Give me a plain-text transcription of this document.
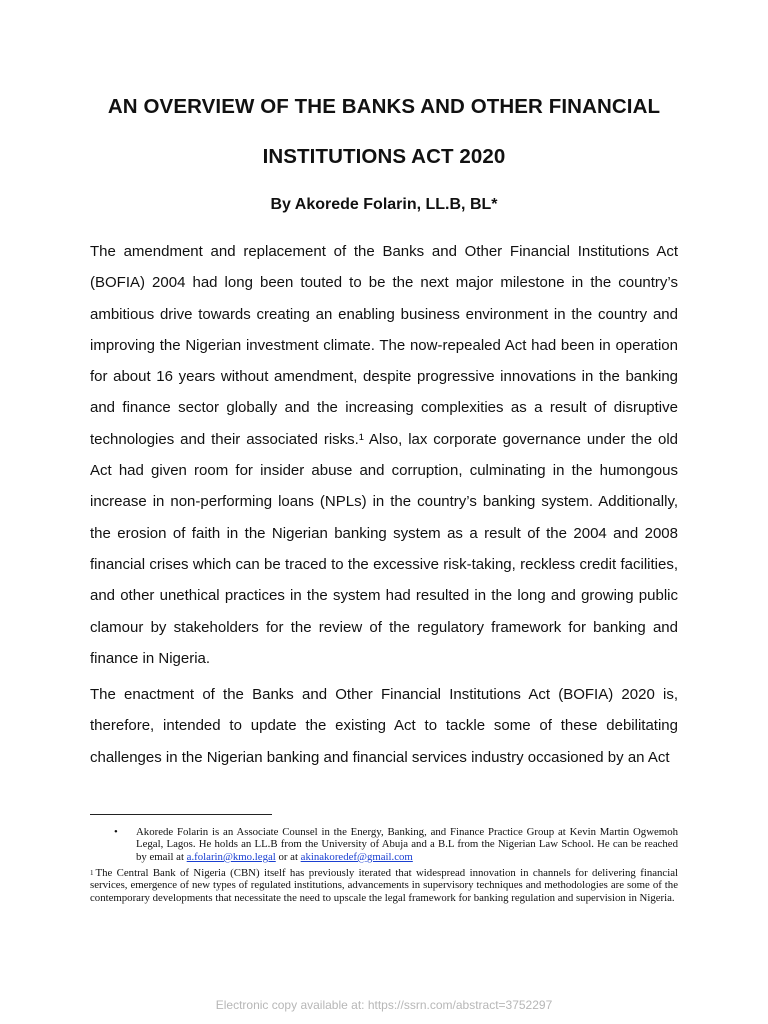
AN OVERVIEW OF THE BANKS AND OTHER FINANCIAL
INSTITUTIONS ACT 2020

By Akorede Folarin, LL.B, BL*

The amendment and replacement of the Banks and Other Financial Institutions Act (BOFIA) 2004 had long been touted to be the next major milestone in the country’s ambitious drive towards creating an enabling business environment in the country and improving the Nigerian investment climate. The now-repealed Act had been in operation for about 16 years without amendment, despite progressive innovations in the banking and finance sector globally and the increasing complexities as a result of disruptive technologies and their associated risks.¹ Also, lax corporate governance under the old Act had given room for insider abuse and corruption, culminating in the humongous increase in non-performing loans (NPLs) in the country’s banking system. Additionally, the erosion of faith in the Nigerian banking system as a result of the 2004 and 2008 financial crises which can be traced to the excessive risk-taking, reckless credit facilities, and other unethical practices in the system had resulted in the long and growing public clamour by stakeholders for the review of the regulatory framework for banking and finance in Nigeria.

The enactment of the Banks and Other Financial Institutions Act (BOFIA) 2020 is, therefore, intended to update the existing Act to tackle some of these debilitating challenges in the Nigerian banking and financial services industry occasioned by an Act

• Akorede Folarin is an Associate Counsel in the Energy, Banking, and Finance Practice Group at Kevin Martin Ogwemoh Legal, Lagos. He holds an LL.B from the University of Abuja and a B.L from the Nigerian Law School. He can be reached by email at a.folarin@kmo.legal or at akinakoredef@gmail.com

$^1$ The Central Bank of Nigeria (CBN) itself has previously iterated that widespread innovation in channels for delivering financial services, emergence of new types of regulated institutions, advancements in supervisory techniques and methodologies are some of the contemporary developments that necessitate the need to upscale the legal framework for banking regulation and supervision in Nigeria.

Electronic copy available at: https://ssrn.com/abstract=3752297
